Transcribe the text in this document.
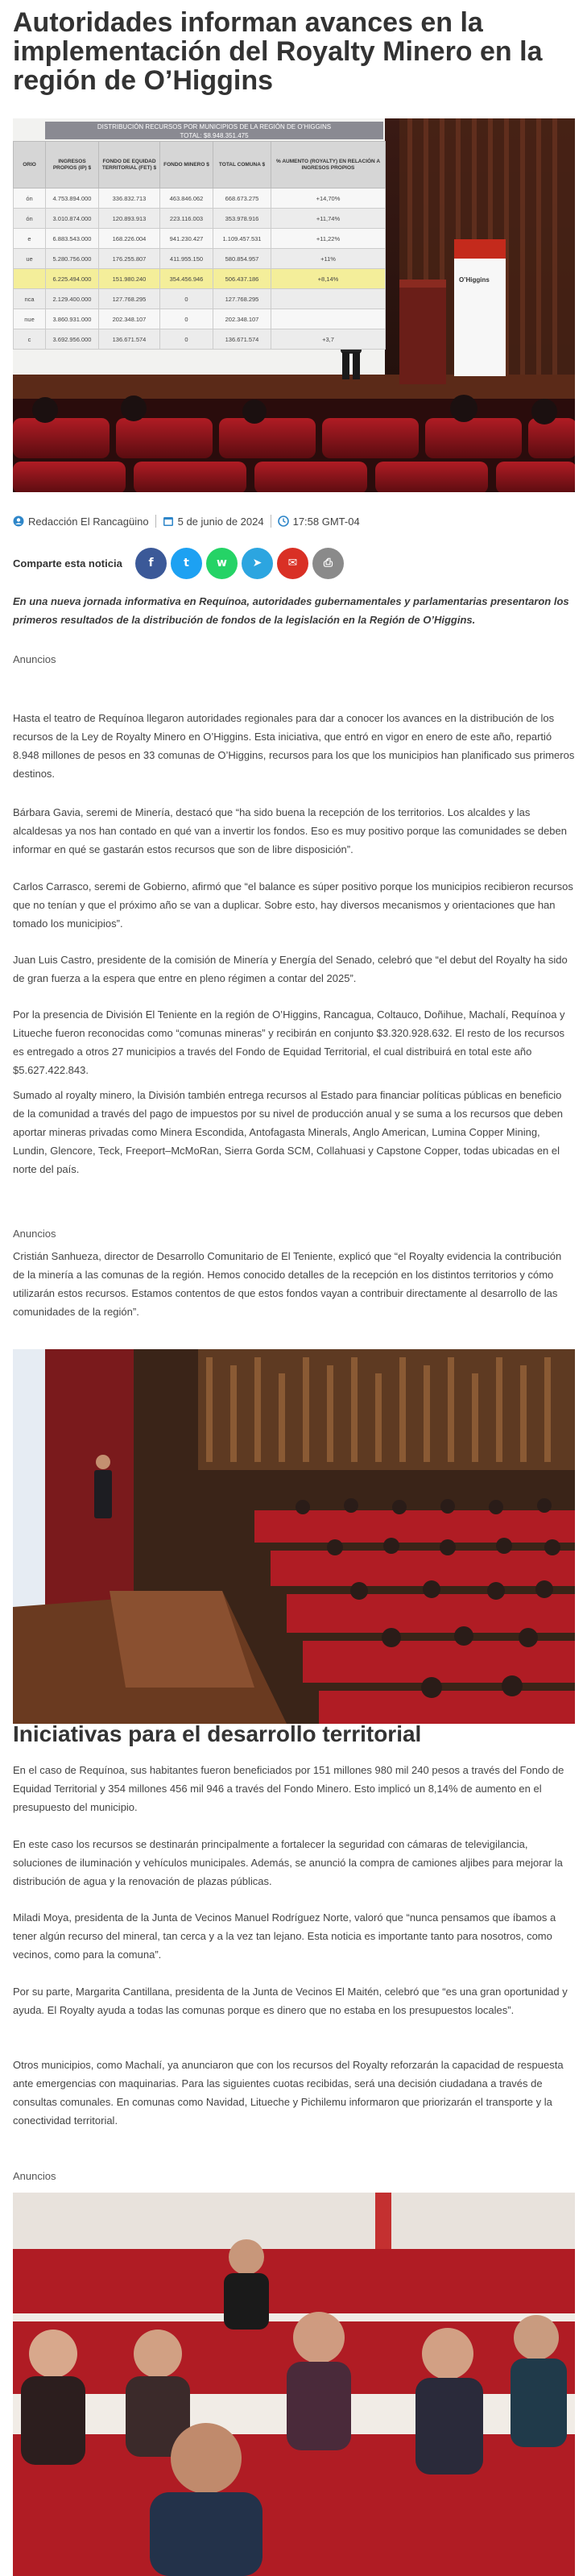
Autoridades informan avances en la implementación del Royalty Minero en la región de O’Higgins
DISTRIBUCIÓN RECURSOS POR MUNICIPIOS DE LA REGIÓN DE O’HIGGINS
TOTAL: $8.948.351.475
ORIO	INGRESOS PROPIOS (IP) $	FONDO DE EQUIDAD TERRITORIAL (FET) $	FONDO MINERO $	TOTAL COMUNA $	% AUMENTO (ROYALTY) EN RELACIÓN A INGRESOS PROPIOS
ón	4.753.894.000	336.832.713	463.846.062	668.673.275	+14,70%
ón	3.010.874.000	120.893.913	223.116.003	353.978.916	+11,74%
e	6.883.543.000	168.226.004	941.230.427	1.109.457.531	+11,22%
ue	5.280.756.000	176.255.807	411.955.150	580.854.957	+11%
	6.225.494.000	151.980.240	354.456.946	506.437.186	+8,14%
nca	2.129.400.000	127.768.295	0	127.768.295	
nue	3.860.931.000	202.348.107	0	202.348.107	
c	3.692.956.000	136.671.574	0	136.671.574	+3,7
O’Higgins
Redacción El Rancagüino	5 de junio de 2024	17:58 GMT-04
Comparte esta noticia	f	t w ➤ ✉ ⎙

En una nueva jornada informativa en Requínoa, autoridades gubernamentales y parlamentarias presentaron los primeros resultados de la distribución de fondos de la legislación en la Región de O’Higgins.

Anuncios

Hasta el teatro de Requínoa llegaron autoridades regionales para dar a conocer los avances en la distribución de los recursos de la Ley de Royalty Minero en O’Higgins. Esta iniciativa, que entró en vigor en enero de este año, repartió 8.948 millones de pesos en 33 comunas de O’Higgins, recursos para los que los municipios han planificado sus primeros destinos.

Bárbara Gavia, seremi de Minería, destacó que “ha sido buena la recepción de los territorios. Los alcaldes y las alcaldesas ya nos han contado en qué van a invertir los fondos. Eso es muy positivo porque las comunidades se deben informar en qué se gastarán estos recursos que son de libre disposición”.

Carlos Carrasco, seremi de Gobierno, afirmó que “el balance es súper positivo porque los municipios recibieron recursos que no tenían y que el próximo año se van a duplicar. Sobre esto, hay diversos mecanismos y orientaciones que han tomado los municipios”.

Juan Luis Castro, presidente de la comisión de Minería y Energía del Senado, celebró que “el debut del Royalty ha sido de gran fuerza a la espera que entre en pleno régimen a contar del 2025”.

Por la presencia de División El Teniente en la región de O’Higgins, Rancagua, Coltauco, Doñihue, Machalí, Requínoa y Litueche fueron reconocidas como “comunas mineras” y recibirán en conjunto $3.320.928.632. El resto de los recursos es entregado a otros 27 municipios a través del Fondo de Equidad Territorial, el cual distribuirá en total este año $5.627.422.843.

Sumado al royalty minero, la División también entrega recursos al Estado para financiar políticas públicas en beneficio de la comunidad a través del pago de impuestos por su nivel de producción anual y se suma a los recursos que deben aportar mineras privadas como Minera Escondida, Antofagasta Minerals, Anglo American, Lumina Copper Mining, Lundin, Glencore, Teck, Freeport–McMoRan, Sierra Gorda SCM, Collahuasi y Capstone Copper, todas ubicadas en el norte del país.

Anuncios

Cristián Sanhueza, director de Desarrollo Comunitario de El Teniente, explicó que “el Royalty evidencia la contribución de la minería a las comunas de la región. Hemos conocido detalles de la recepción en los distintos territorios y cómo utilizarán estos recursos. Estamos contentos de que estos fondos vayan a contribuir directamente al desarrollo de las comunidades de la región”.

Iniciativas para el desarrollo territorial

En el caso de Requínoa, sus habitantes fueron beneficiados por 151 millones 980 mil 240 pesos a través del Fondo de Equidad Territorial y 354 millones 456 mil 946 a través del Fondo Minero. Esto implicó un 8,14% de aumento en el presupuesto del municipio.

En este caso los recursos se destinarán principalmente a fortalecer la seguridad con cámaras de televigilancia, soluciones de iluminación y vehículos municipales. Además, se anunció la compra de camiones aljibes para mejorar la distribución de agua y la renovación de plazas públicas.

Miladi Moya, presidenta de la Junta de Vecinos Manuel Rodríguez Norte, valoró que “nunca pensamos que íbamos a tener algún recurso del mineral, tan cerca y a la vez tan lejano. Esta noticia es importante tanto para nosotros, como vecinos, como para la comuna”.

Por su parte, Margarita Cantillana, presidenta de la Junta de Vecinos El Maitén, celebró que “es una gran oportunidad y ayuda. El Royalty ayuda a todas las comunas porque es dinero que no estaba en los presupuestos locales”.

Otros municipios, como Machalí, ya anunciaron que con los recursos del Royalty reforzarán la capacidad de respuesta ante emergencias con maquinarias. Para las siguientes cuotas recibidas, será una decisión ciudadana a través de consultas comunales. En comunas como Navidad, Litueche y Pichilemu informaron que priorizarán el transporte y la conectividad territorial.

Anuncios
